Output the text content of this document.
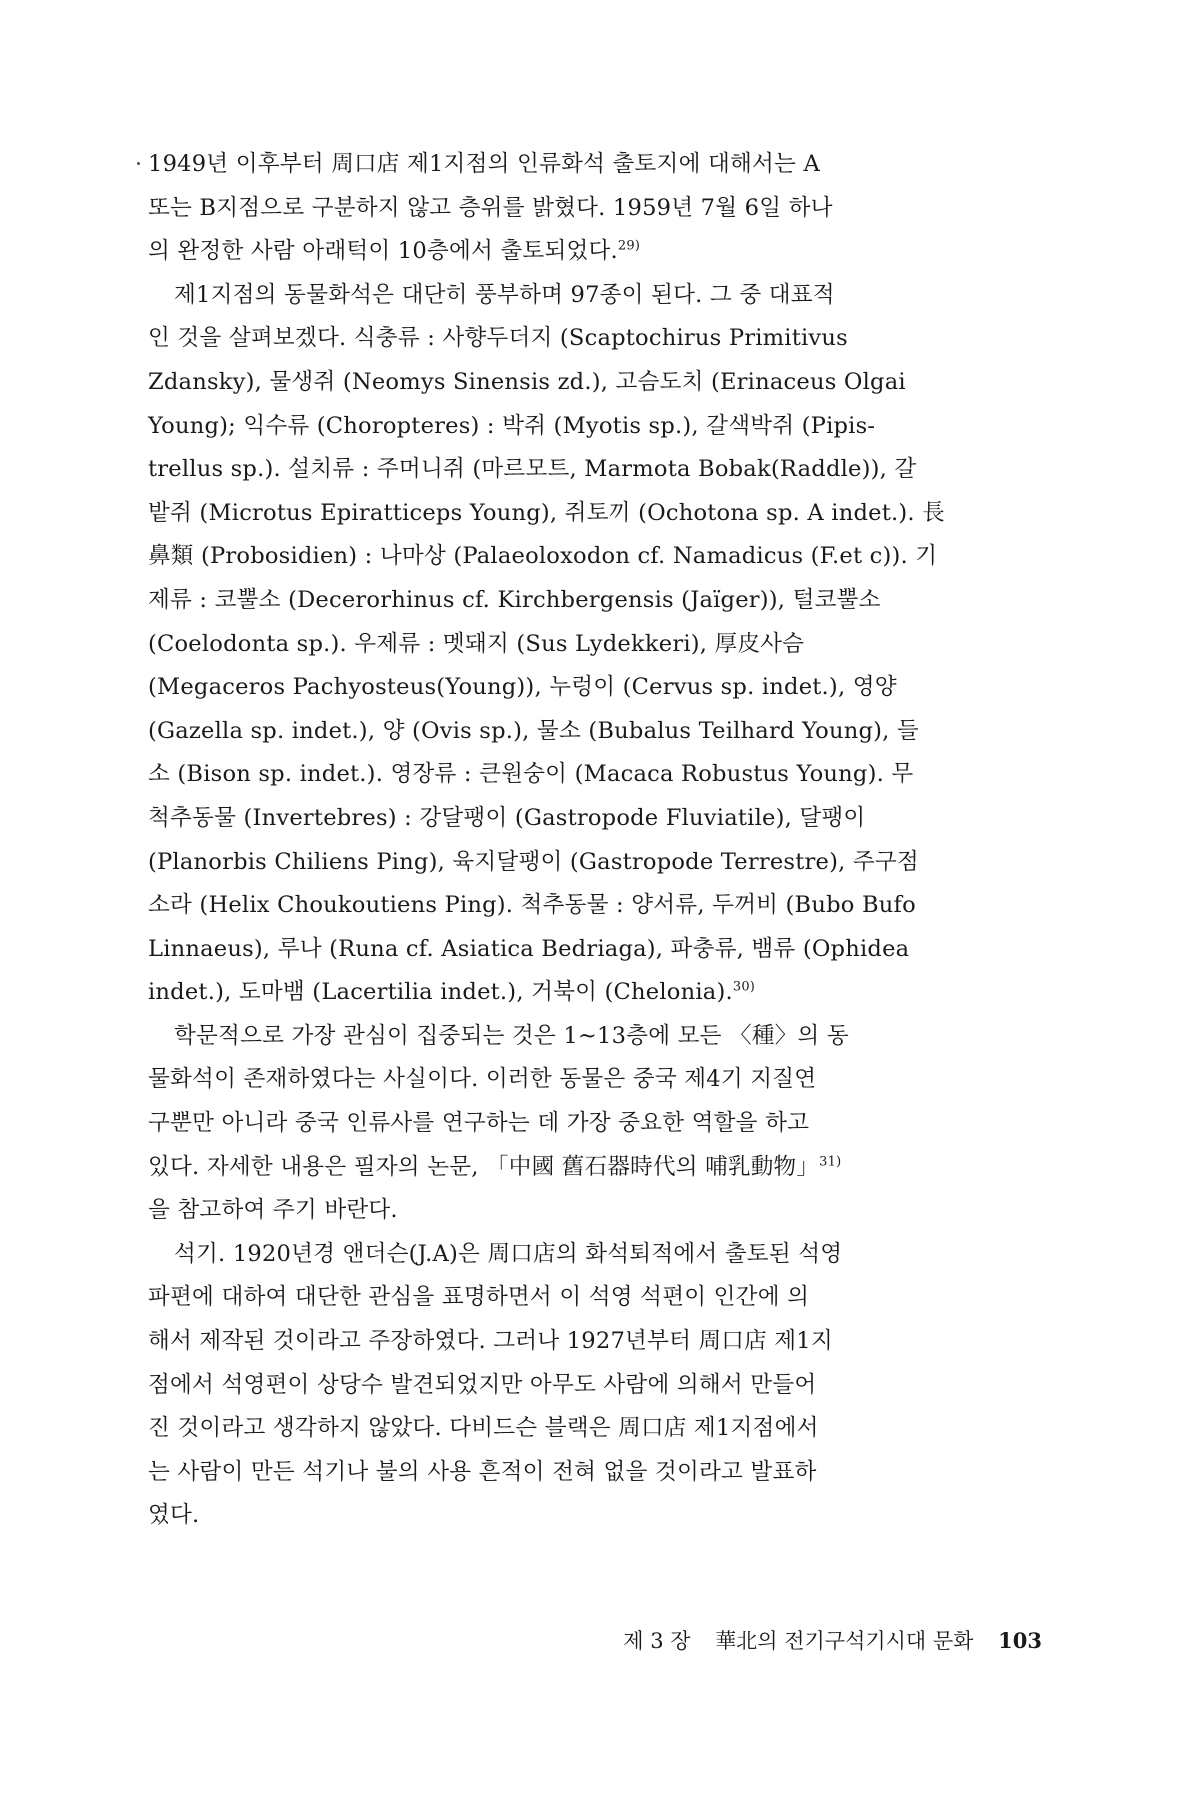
1949년 이후부터 周口店 제1지점의 인류화석 출토지에 대해서는 A
또는 B지점으로 구분하지 않고 층위를 밝혔다. 1959년 7월 6일 하나
의 완정한 사람 아래턱이 10층에서 출토되었다.$^{29)}$

제1지점의 동물화석은 대단히 풍부하며 97종이 된다. 그 중 대표적
인 것을 살펴보겠다. 식충류 : 사향두더지 (Scaptochirus Primitivus
Zdansky), 물생쥐 (Neomys Sinensis zd.), 고슴도치 (Erinaceus Olgai
Young); 익수류 (Choropteres) : 박쥐 (Myotis sp.), 갈색박쥐 (Pipis-
trellus sp.). 설치류 : 주머니쥐 (마르모트, Marmota Bobak(Raddle)), 갈
밭쥐 (Microtus Epiratticeps Young), 쥐토끼 (Ochotona sp. A indet.). 長
鼻類 (Probosidien) : 나마상 (Palaeoloxodon cf. Namadicus (F.et c)). 기
제류 : 코뿔소 (Decerorhinus cf. Kirchbergensis (Jaïger)), 털코뿔소
(Coelodonta sp.). 우제류 : 멧돼지 (Sus Lydekkeri), 厚皮사슴
(Megaceros Pachyosteus(Young)), 누렁이 (Cervus sp. indet.), 영양
(Gazella sp. indet.), 양 (Ovis sp.), 물소 (Bubalus Teilhard Young), 들
소 (Bison sp. indet.). 영장류 : 큰원숭이 (Macaca Robustus Young). 무
척추동물 (Invertebres) : 강달팽이 (Gastropode Fluviatile), 달팽이
(Planorbis Chiliens Ping), 육지달팽이 (Gastropode Terrestre), 주구점
소라 (Helix Choukoutiens Ping). 척추동물 : 양서류, 두꺼비 (Bubo Bufo
Linnaeus), 루나 (Runa cf. Asiatica Bedriaga), 파충류, 뱀류 (Ophidea
indet.), 도마뱀 (Lacertilia indet.), 거북이 (Chelonia).$^{30)}$

학문적으로 가장 관심이 집중되는 것은 1~13층에 모든 〈種〉의 동
물화석이 존재하였다는 사실이다. 이러한 동물은 중국 제4기 지질연
구뿐만 아니라 중국 인류사를 연구하는 데 가장 중요한 역할을 하고
있다. 자세한 내용은 필자의 논문, 「中國 舊石器時代의 哺乳動物」$^{31)}$
을 참고하여 주기 바란다.

석기. 1920년경 앤더슨(J.A)은 周口店의 화석퇴적에서 출토된 석영
파편에 대하여 대단한 관심을 표명하면서 이 석영 석편이 인간에 의
해서 제작된 것이라고 주장하였다. 그러나 1927년부터 周口店 제1지
점에서 석영편이 상당수 발견되었지만 아무도 사람에 의해서 만들어
진 것이라고 생각하지 않았다. 다비드슨 블랙은 周口店 제1지점에서
는 사람이 만든 석기나 불의 사용 흔적이 전혀 없을 것이라고 발표하
였다.

제 3 장 華北의 전기구석기시대 문화 103
